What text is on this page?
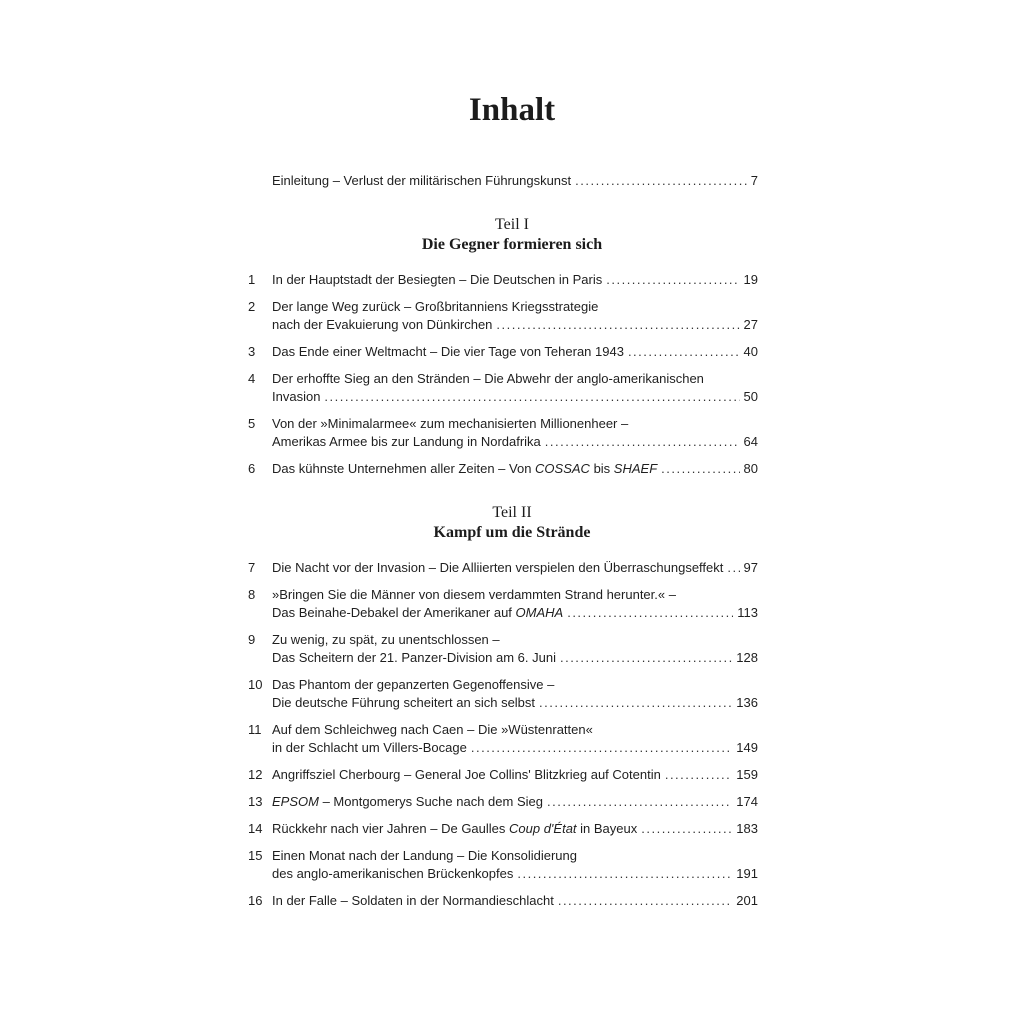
Inhalt
Einleitung – Verlust der militärischen Führungskunst .....	7
Teil I
Die Gegner formieren sich
1	In der Hauptstadt der Besiegten – Die Deutschen in Paris .....	19
2	Der lange Weg zurück – Großbritanniens Kriegsstrategie
nach der Evakuierung von Dünkirchen .....	27
3	Das Ende einer Weltmacht – Die vier Tage von Teheran 1943 .....	40
4	Der erhoffte Sieg an den Stränden – Die Abwehr der anglo-amerikanischen
Invasion .....	50
5	Von der »Minimalarmee« zum mechanisierten Millionenheer –
Amerikas Armee bis zur Landung in Nordafrika .....	64
6	Das kühnste Unternehmen aller Zeiten – Von COSSAC bis SHAEF .....	80
Teil II
Kampf um die Strände
7	Die Nacht vor der Invasion – Die Alliierten verspielen den Überraschungseffekt ..... 97
8	»Bringen Sie die Männer von diesem verdammten Strand herunter.« –
Das Beinahe-Debakel der Amerikaner auf OMAHA .....	113
9	Zu wenig, zu spät, zu unentschlossen –
Das Scheitern der 21. Panzer-Division am 6. Juni .....	128
10 Das Phantom der gepanzerten Gegenoffensive –
Die deutsche Führung scheitert an sich selbst .....	136
11 Auf dem Schleichweg nach Caen – Die »Wüstenratten«
in der Schlacht um Villers-Bocage .....	149
12 Angriffsziel Cherbourg – General Joe Collins' Blitzkrieg auf Cotentin .....	159
13 EPSOM – Montgomerys Suche nach dem Sieg .....	174
14 Rückkehr nach vier Jahren – De Gaulles Coup d'État in Bayeux .....	183
15 Einen Monat nach der Landung – Die Konsolidierung
des anglo-amerikanischen Brückenkopfes .....	191
16 In der Falle – Soldaten in der Normandieschlacht .....	201
